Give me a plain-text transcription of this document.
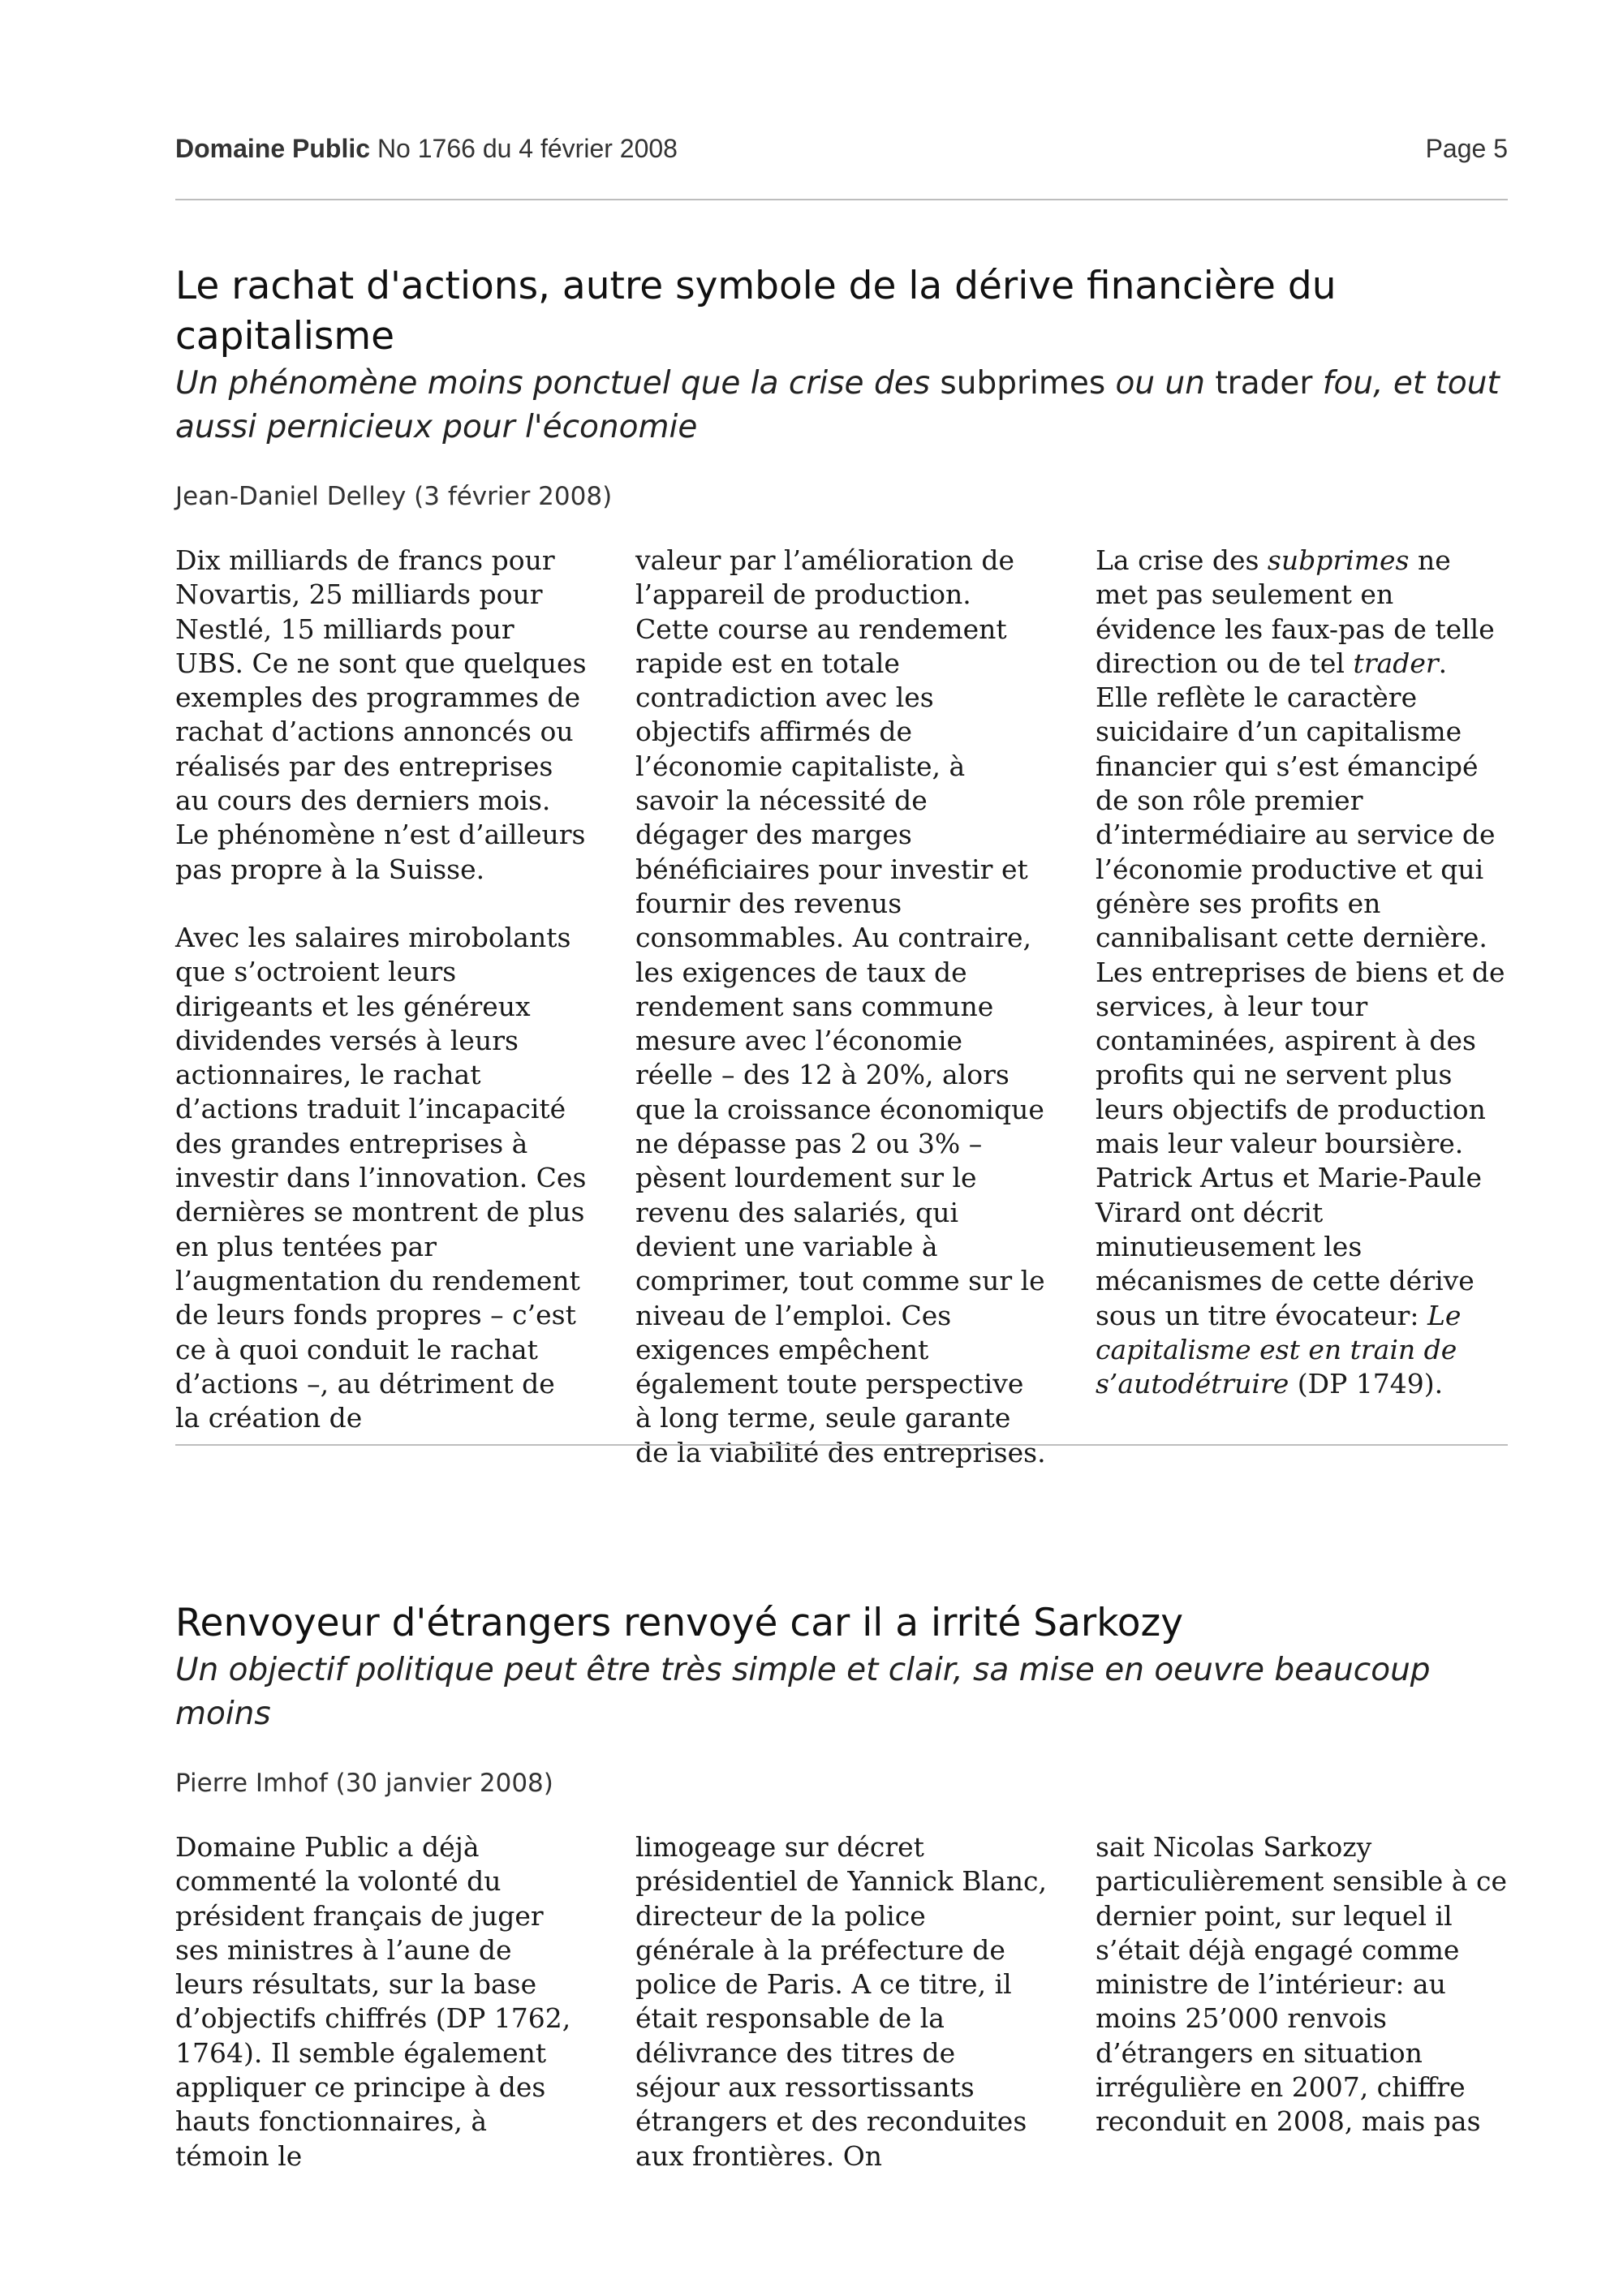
Domaine Public No 1766 du 4 février 2008	Page 5
Le rachat d'actions, autre symbole de la dérive financière du capitalisme

Un phénomène moins ponctuel que la crise des subprimes ou un trader fou, et tout aussi pernicieux pour l'économie

Jean-Daniel Delley (3 février 2008)

Dix milliards de francs pour Novartis, 25 milliards pour Nestlé, 15 milliards pour UBS. Ce ne sont que quelques exemples des programmes de rachat d’actions annoncés ou réalisés par des entreprises au cours des derniers mois. Le phénomène n’est d’ailleurs pas propre à la Suisse.

Avec les salaires mirobolants que s’octroient leurs dirigeants et les généreux dividendes versés à leurs actionnaires, le rachat d’actions traduit l’incapacité des grandes entreprises à investir dans l’innovation. Ces dernières se montrent de plus en plus tentées par l’augmentation du rendement de leurs fonds propres – c’est ce à quoi conduit le rachat d’actions –, au détriment de la création de

valeur par l’amélioration de l’appareil de production. Cette course au rendement rapide est en totale contradiction avec les objectifs affirmés de l’économie capitaliste, à savoir la nécessité de dégager des marges bénéficiaires pour investir et fournir des revenus consommables. Au contraire, les exigences de taux de rendement sans commune mesure avec l’économie réelle – des 12 à 20%, alors que la croissance économique ne dépasse pas 2 ou 3% – pèsent lourdement sur le revenu des salariés, qui devient une variable à comprimer, tout comme sur le niveau de l’emploi. Ces exigences empêchent également toute perspective à long terme, seule garante de la viabilité des entreprises.

La crise des subprimes ne met pas seulement en évidence les faux-pas de telle direction ou de tel trader. Elle reflète le caractère suicidaire d’un capitalisme financier qui s’est émancipé de son rôle premier d’intermédiaire au service de l’économie productive et qui génère ses profits en cannibalisant cette dernière. Les entreprises de biens et de services, à leur tour contaminées, aspirent à des profits qui ne servent plus leurs objectifs de production mais leur valeur boursière. Patrick Artus et Marie-Paule Virard ont décrit minutieusement les mécanismes de cette dérive sous un titre évocateur: Le capitalisme est en train de s’autodétruire (DP 1749).

Renvoyeur d'étrangers renvoyé car il a irrité Sarkozy

Un objectif politique peut être très simple et clair, sa mise en oeuvre beaucoup moins

Pierre Imhof (30 janvier 2008)

Domaine Public a déjà commenté la volonté du président français de juger ses ministres à l’aune de leurs résultats, sur la base d’objectifs chiffrés (DP 1762, 1764). Il semble également appliquer ce principe à des hauts fonctionnaires, à témoin le

limogeage sur décret présidentiel de Yannick Blanc, directeur de la police générale à la préfecture de police de Paris. A ce titre, il était responsable de la délivrance des titres de séjour aux ressortissants étrangers et des reconduites aux frontières. On

sait Nicolas Sarkozy particulièrement sensible à ce dernier point, sur lequel il s’était déjà engagé comme ministre de l’intérieur: au moins 25’000 renvois d’étrangers en situation irrégulière en 2007, chiffre reconduit en 2008, mais pas
